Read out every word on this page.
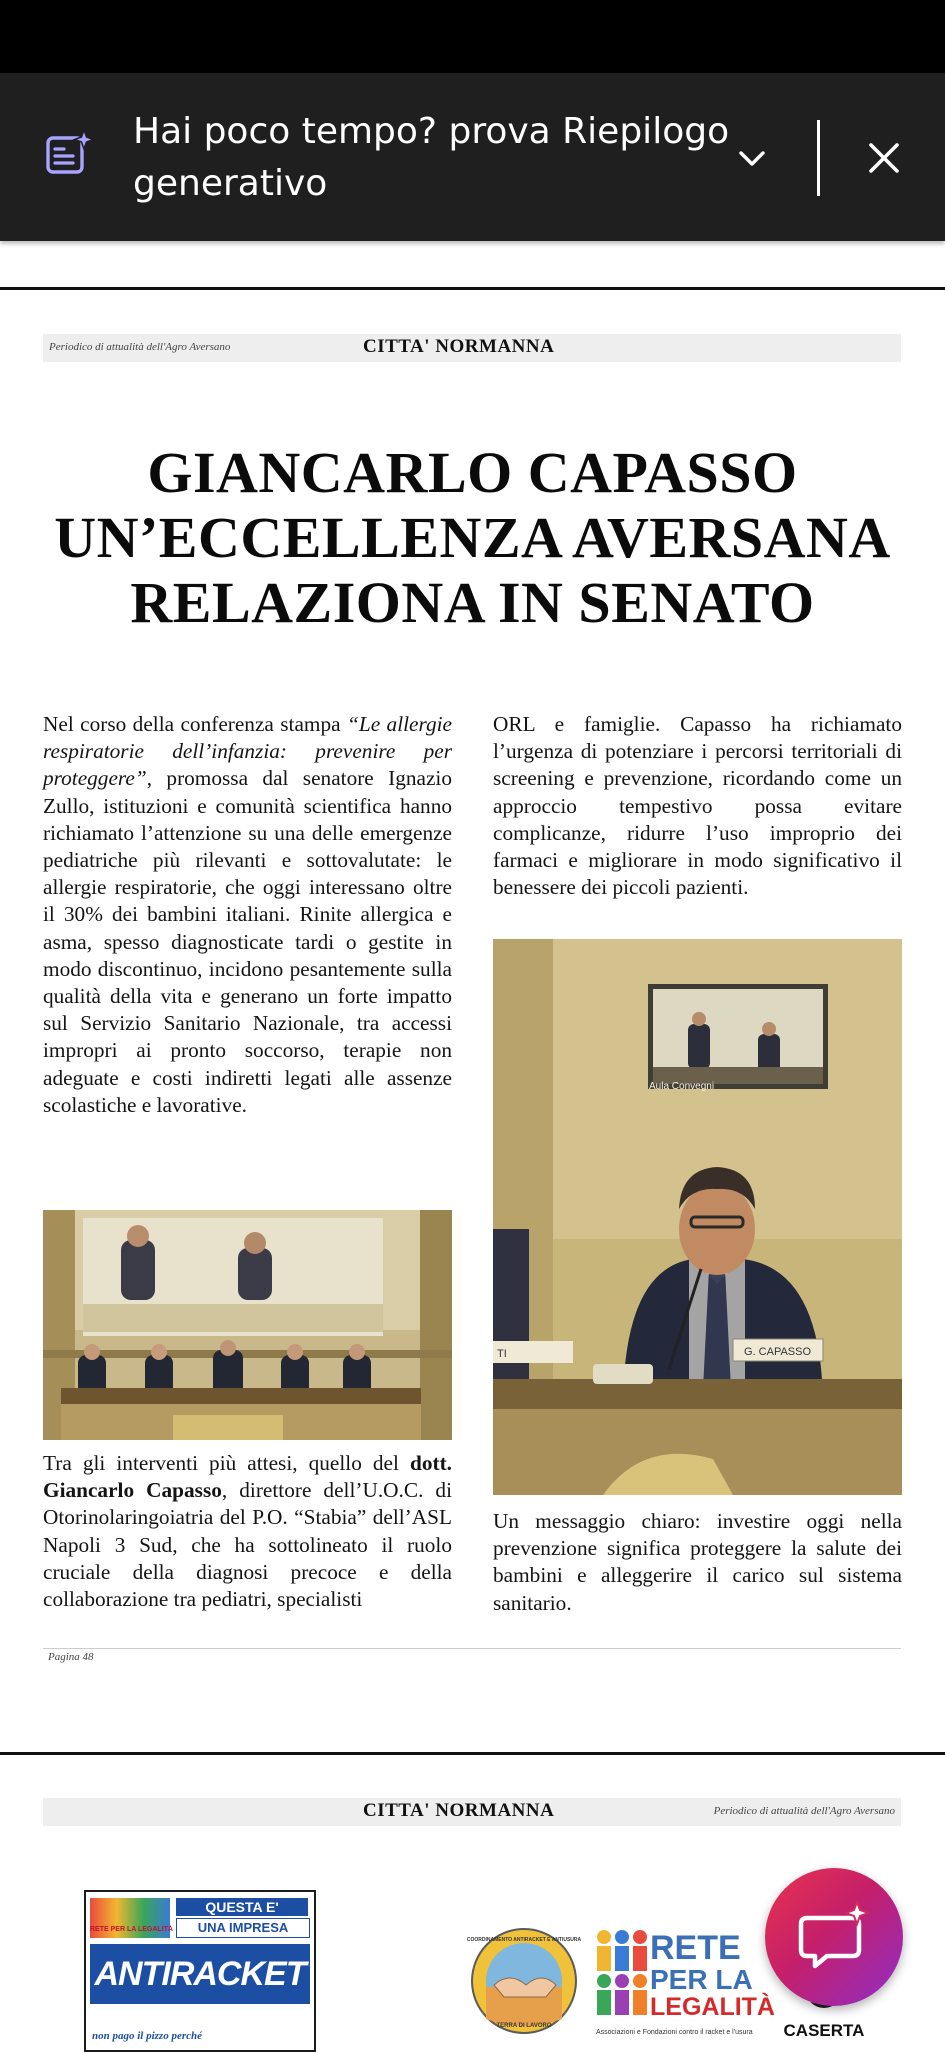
Hai poco tempo? prova Riepilogo generativo
Periodico di attualità dell'Agro Aversano	CITTA' NORMANNA
GIANCARLO CAPASSO UN’ECCELLENZA AVERSANA RELAZIONA IN SENATO

Nel corso della conferenza stampa “Le allergie respiratorie dell’infanzia: prevenire per proteggere”, promossa dal senatore Ignazio Zullo, istituzioni e comunità scientifica hanno richiamato l’attenzione su una delle emergenze pediatriche più rilevanti e sottovalutate: le allergie respiratorie, che oggi interessano oltre il 30% dei bambini italiani. Rinite allergica e asma, spesso diagnosticate tardi o gestite in modo discontinuo, incidono pesantemente sulla qualità della vita e generano un forte impatto sul Servizio Sanitario Nazionale, tra accessi impropri ai pronto soccorso, terapie non adeguate e costi indiretti legati alle assenze scolastiche e lavorative.

Tra gli interventi più attesi, quello del dott. Giancarlo Capasso, direttore dell’U.O.C. di Otorinolaringoiatria del P.O. “Stabia” dell’ASL Napoli 3 Sud, che ha sottolineato il ruolo cruciale della diagnosi precoce e della collaborazione tra pediatri, specialisti

ORL e famiglie. Capasso ha richiamato l’urgenza di potenziare i percorsi territoriali di screening e prevenzione, ricordando come un approccio tempestivo possa evitare complicanze, ridurre l’uso improprio dei farmaci e migliorare in modo significativo il benessere dei piccoli pazienti.

Aula Convegni
G. CAPASSO
TI

Un messaggio chiaro: investire oggi nella prevenzione significa proteggere la salute dei bambini e alleggerire il carico sul sistema sanitario.

Pagina 48
CITTA' NORMANNA	Periodico di attualità dell'Agro Aversano
RETE PER LA LEGALITÀ
QUESTA E'
UNA IMPRESA
ANTIRACKET
non pago il pizzo perché
COORDINAMENTO ANTIRACKET E ANTIUSURA
TERRA DI LAVORO
RETE
PER LA
LEGALITÀ
Associazioni e Fondazioni contro il racket e l'usura CASERTA
